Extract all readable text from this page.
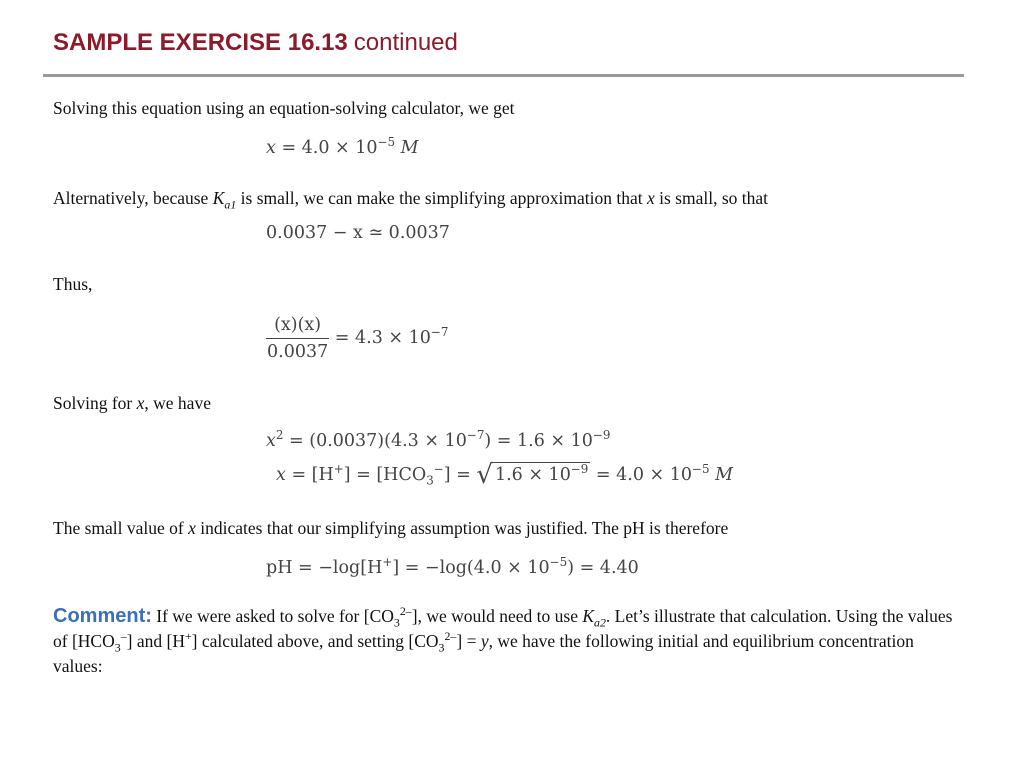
SAMPLE EXERCISE 16.13 continued
Solving this equation using an equation-solving calculator, we get
$x = 4.0 \times 10^{-5}$ M
Alternatively, because $K_{a1}$ is small, we can make the simplifying approximation that x is small, so that
0.0037 − x ≃ 0.0037
Thus,
$\frac{(x)(x)}{0.0037} = 4.3 \times 10^{-7}$
Solving for x, we have
$x^2 = (0.0037)(4.3 \times 10^{-7}) = 1.6 \times 10^{-9}$
$x = [H^+] = [HCO_3^-]$ = √ $1.6 \times 10^{-9} = 4.0 \times 10^{-5}$ M
The small value of x indicates that our simplifying assumption was justified. The pH is therefore
pH = $-\log[H^+] = -\log(4.0 \times 10^{-5}) = 4.40$
Comment: If we were asked to solve for $[CO_3^{2-}]$, we would need to use $K_{a2}$. Let’s illustrate that calculation. Using the values of $[HCO_3^-]$ and [H+] calculated above, and setting $[CO_3^{2-}] = y$, we have the following initial and equilibrium concentration values:
